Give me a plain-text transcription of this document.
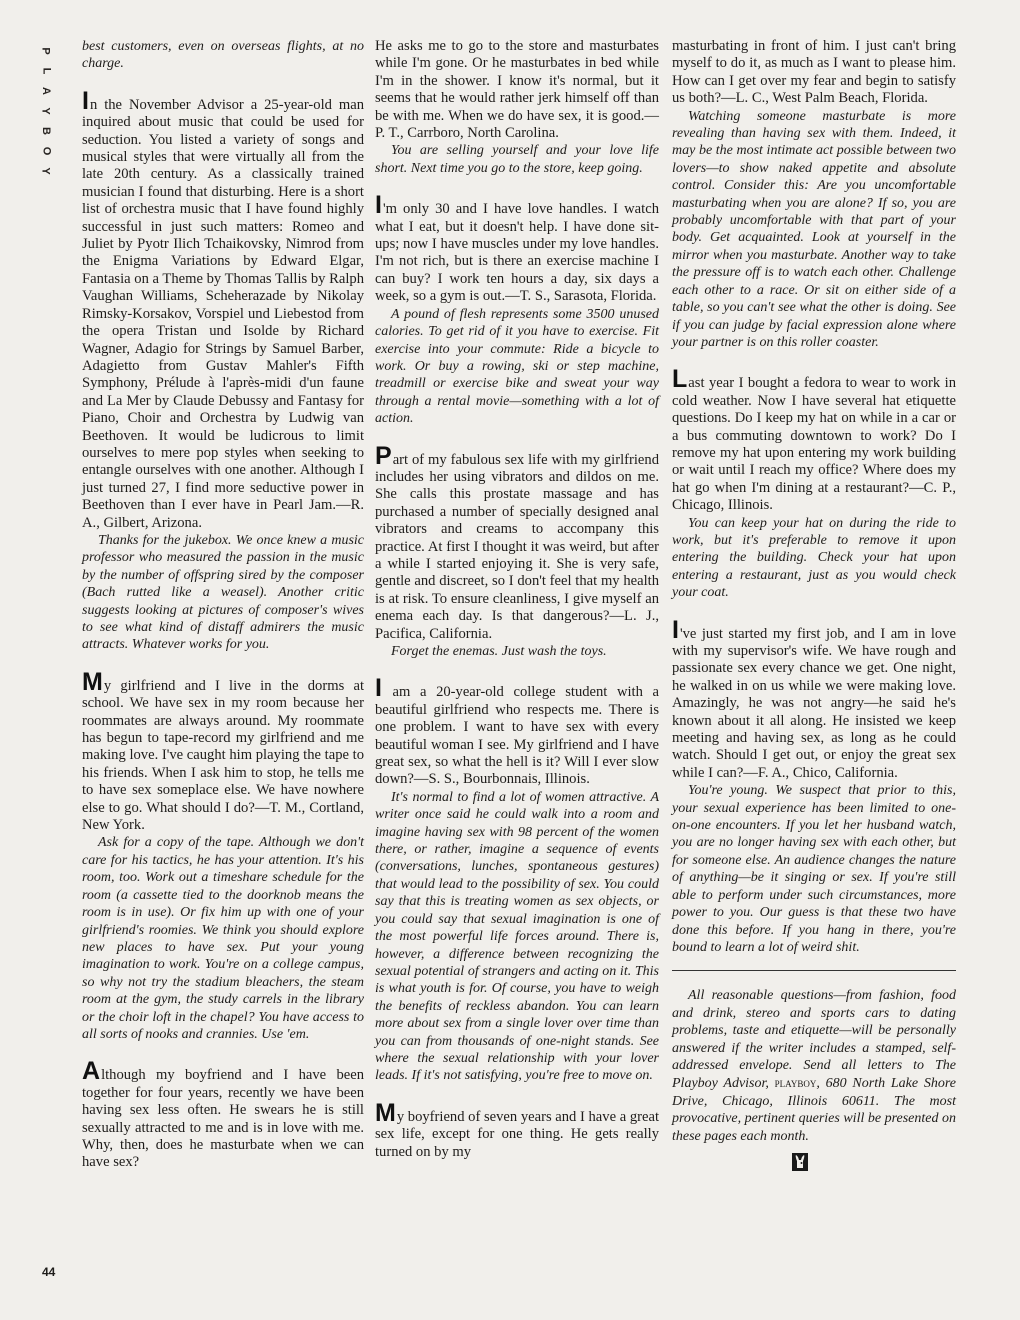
P
L
A
Y
B
O
Y
44

best customers, even on overseas flights, at no charge.

In the November Advisor a 25-year-old man inquired about music that could be used for seduction. You listed a variety of songs and musical styles that were virtually all from the late 20th century. As a classically trained musician I found that disturbing. Here is a short list of orchestra music that I have found highly successful in just such matters: Romeo and Juliet by Pyotr Ilich Tchaikovsky, Nimrod from the Enigma Variations by Edward Elgar, Fantasia on a Theme by Thomas Tallis by Ralph Vaughan Williams, Scheherazade by Nikolay Rimsky-Korsakov, Vorspiel und Liebestod from the opera Tristan und Isolde by Richard Wagner, Adagio for Strings by Samuel Barber, Adagietto from Gustav Mahler's Fifth Symphony, Prélude à l'après-midi d'un faune and La Mer by Claude Debussy and Fantasy for Piano, Choir and Orchestra by Ludwig van Beethoven. It would be ludicrous to limit ourselves to mere pop styles when seeking to entangle ourselves with one another. Although I just turned 27, I find more seductive power in Beethoven than I ever have in Pearl Jam.—R. A., Gilbert, Arizona.

Thanks for the jukebox. We once knew a music professor who measured the passion in the music by the number of offspring sired by the composer (Bach rutted like a weasel). Another critic suggests looking at pictures of composer's wives to see what kind of distaff admirers the music attracts. Whatever works for you.

My girlfriend and I live in the dorms at school. We have sex in my room because her roommates are always around. My roommate has begun to tape-record my girlfriend and me making love. I've caught him playing the tape to his friends. When I ask him to stop, he tells me to have sex someplace else. We have nowhere else to go. What should I do?—T. M., Cortland, New York.

Ask for a copy of the tape. Although we don't care for his tactics, he has your attention. It's his room, too. Work out a timeshare schedule for the room (a cassette tied to the doorknob means the room is in use). Or fix him up with one of your girlfriend's roomies. We think you should explore new places to have sex. Put your young imagination to work. You're on a college campus, so why not try the stadium bleachers, the steam room at the gym, the study carrels in the library or the choir loft in the chapel? You have access to all sorts of nooks and crannies. Use 'em.

Although my boyfriend and I have been together for four years, recently we have been having sex less often. He swears he is still sexually attracted to me and is in love with me. Why, then, does he masturbate when we can have sex?

He asks me to go to the store and masturbates while I'm gone. Or he masturbates in bed while I'm in the shower. I know it's normal, but it seems that he would rather jerk himself off than be with me. When we do have sex, it is good.—P. T., Carrboro, North Carolina.

You are selling yourself and your love life short. Next time you go to the store, keep going.

I'm only 30 and I have love handles. I watch what I eat, but it doesn't help. I have done sit-ups; now I have muscles under my love handles. I'm not rich, but is there an exercise machine I can buy? I work ten hours a day, six days a week, so a gym is out.—T. S., Sarasota, Florida.

A pound of flesh represents some 3500 unused calories. To get rid of it you have to exercise. Fit exercise into your commute: Ride a bicycle to work. Or buy a rowing, ski or step machine, treadmill or exercise bike and sweat your way through a rental movie—something with a lot of action.

Part of my fabulous sex life with my girlfriend includes her using vibrators and dildos on me. She calls this prostate massage and has purchased a number of specially designed anal vibrators and creams to accompany this practice. At first I thought it was weird, but after a while I started enjoying it. She is very safe, gentle and discreet, so I don't feel that my health is at risk. To ensure cleanliness, I give myself an enema each day. Is that dangerous?—L. J., Pacifica, California.

Forget the enemas. Just wash the toys.

I am a 20-year-old college student with a beautiful girlfriend who respects me. There is one problem. I want to have sex with every beautiful woman I see. My girlfriend and I have great sex, so what the hell is it? Will I ever slow down?—S. S., Bourbonnais, Illinois.

It's normal to find a lot of women attractive. A writer once said he could walk into a room and imagine having sex with 98 percent of the women there, or rather, imagine a sequence of events (conversations, lunches, spontaneous gestures) that would lead to the possibility of sex. You could say that this is treating women as sex objects, or you could say that sexual imagination is one of the most powerful life forces around. There is, however, a difference between recognizing the sexual potential of strangers and acting on it. This is what youth is for. Of course, you have to weigh the benefits of reckless abandon. You can learn more about sex from a single lover over time than you can from thousands of one-night stands. See where the sexual relationship with your lover leads. If it's not satisfying, you're free to move on.

My boyfriend of seven years and I have a great sex life, except for one thing. He gets really turned on by my

masturbating in front of him. I just can't bring myself to do it, as much as I want to please him. How can I get over my fear and begin to satisfy us both?—L. C., West Palm Beach, Florida.

Watching someone masturbate is more revealing than having sex with them. Indeed, it may be the most intimate act possible between two lovers—to show naked appetite and absolute control. Consider this: Are you uncomfortable masturbating when you are alone? If so, you are probably uncomfortable with that part of your body. Get acquainted. Look at yourself in the mirror when you masturbate. Another way to take the pressure off is to watch each other. Challenge each other to a race. Or sit on either side of a table, so you can't see what the other is doing. See if you can judge by facial expression alone where your partner is on this roller coaster.

Last year I bought a fedora to wear to work in cold weather. Now I have several hat etiquette questions. Do I keep my hat on while in a car or a bus commuting downtown to work? Do I remove my hat upon entering my work building or wait until I reach my office? Where does my hat go when I'm dining at a restaurant?—C. P., Chicago, Illinois.

You can keep your hat on during the ride to work, but it's preferable to remove it upon entering the building. Check your hat upon entering a restaurant, just as you would check your coat.

I've just started my first job, and I am in love with my supervisor's wife. We have rough and passionate sex every chance we get. One night, he walked in on us while we were making love. Amazingly, he was not angry—he said he's known about it all along. He insisted we keep meeting and having sex, as long as he could watch. Should I get out, or enjoy the great sex while I can?—F. A., Chico, California.

You're young. We suspect that prior to this, your sexual experience has been limited to one-on-one encounters. If you let her husband watch, you are no longer having sex with each other, but for someone else. An audience changes the nature of anything—be it singing or sex. If you're still able to perform under such circumstances, more power to you. Our guess is that these two have done this before. If you hang in there, you're bound to learn a lot of weird shit.

All reasonable questions—from fashion, food and drink, stereo and sports cars to dating problems, taste and etiquette—will be personally answered if the writer includes a stamped, self-addressed envelope. Send all letters to The Playboy Advisor, playboy, 680 North Lake Shore Drive, Chicago, Illinois 60611. The most provocative, pertinent queries will be presented on these pages each month.
